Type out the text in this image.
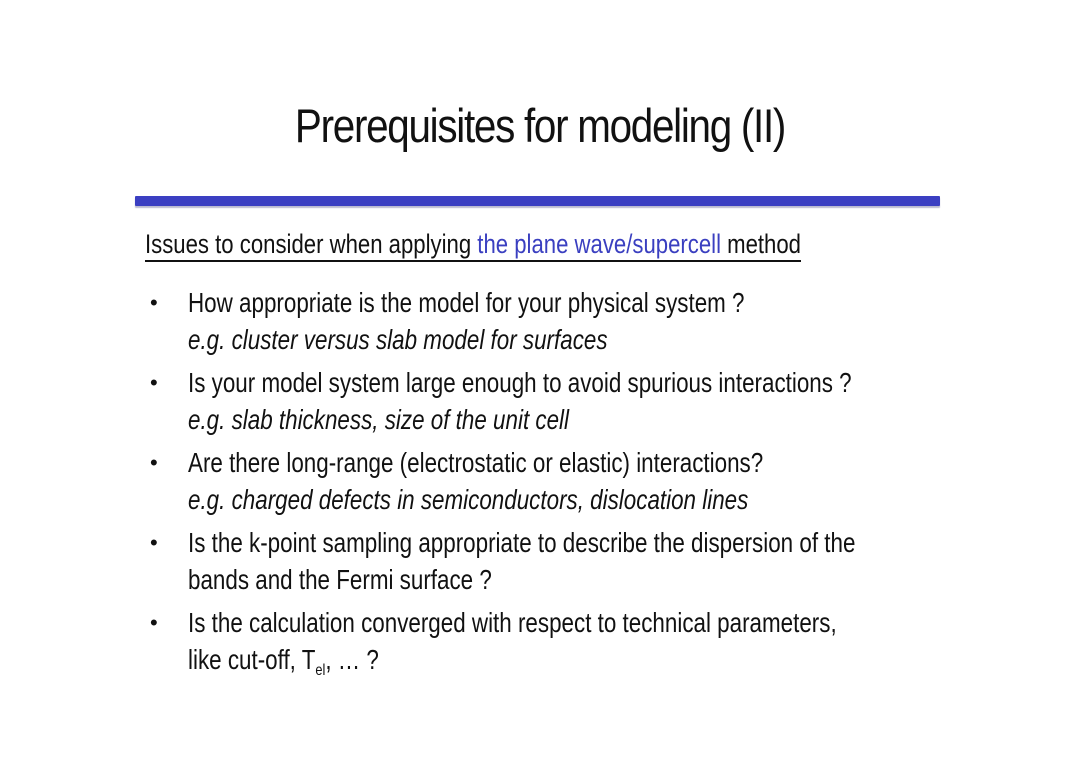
Prerequisites for modeling (II)
Issues to consider when applying the plane wave/supercell method
• How appropriate is the model for your physical system ?
e.g. cluster versus slab model for surfaces
• Is your model system large enough to avoid spurious interactions ?
e.g. slab thickness, size of the unit cell
• Are there long-range (electrostatic or elastic) interactions?
e.g. charged defects in semiconductors, dislocation lines
• Is the k-point sampling appropriate to describe the dispersion of the
bands and the Fermi surface ?
• Is the calculation converged with respect to technical parameters,
like cut-off, $T_{el}$, … ?
